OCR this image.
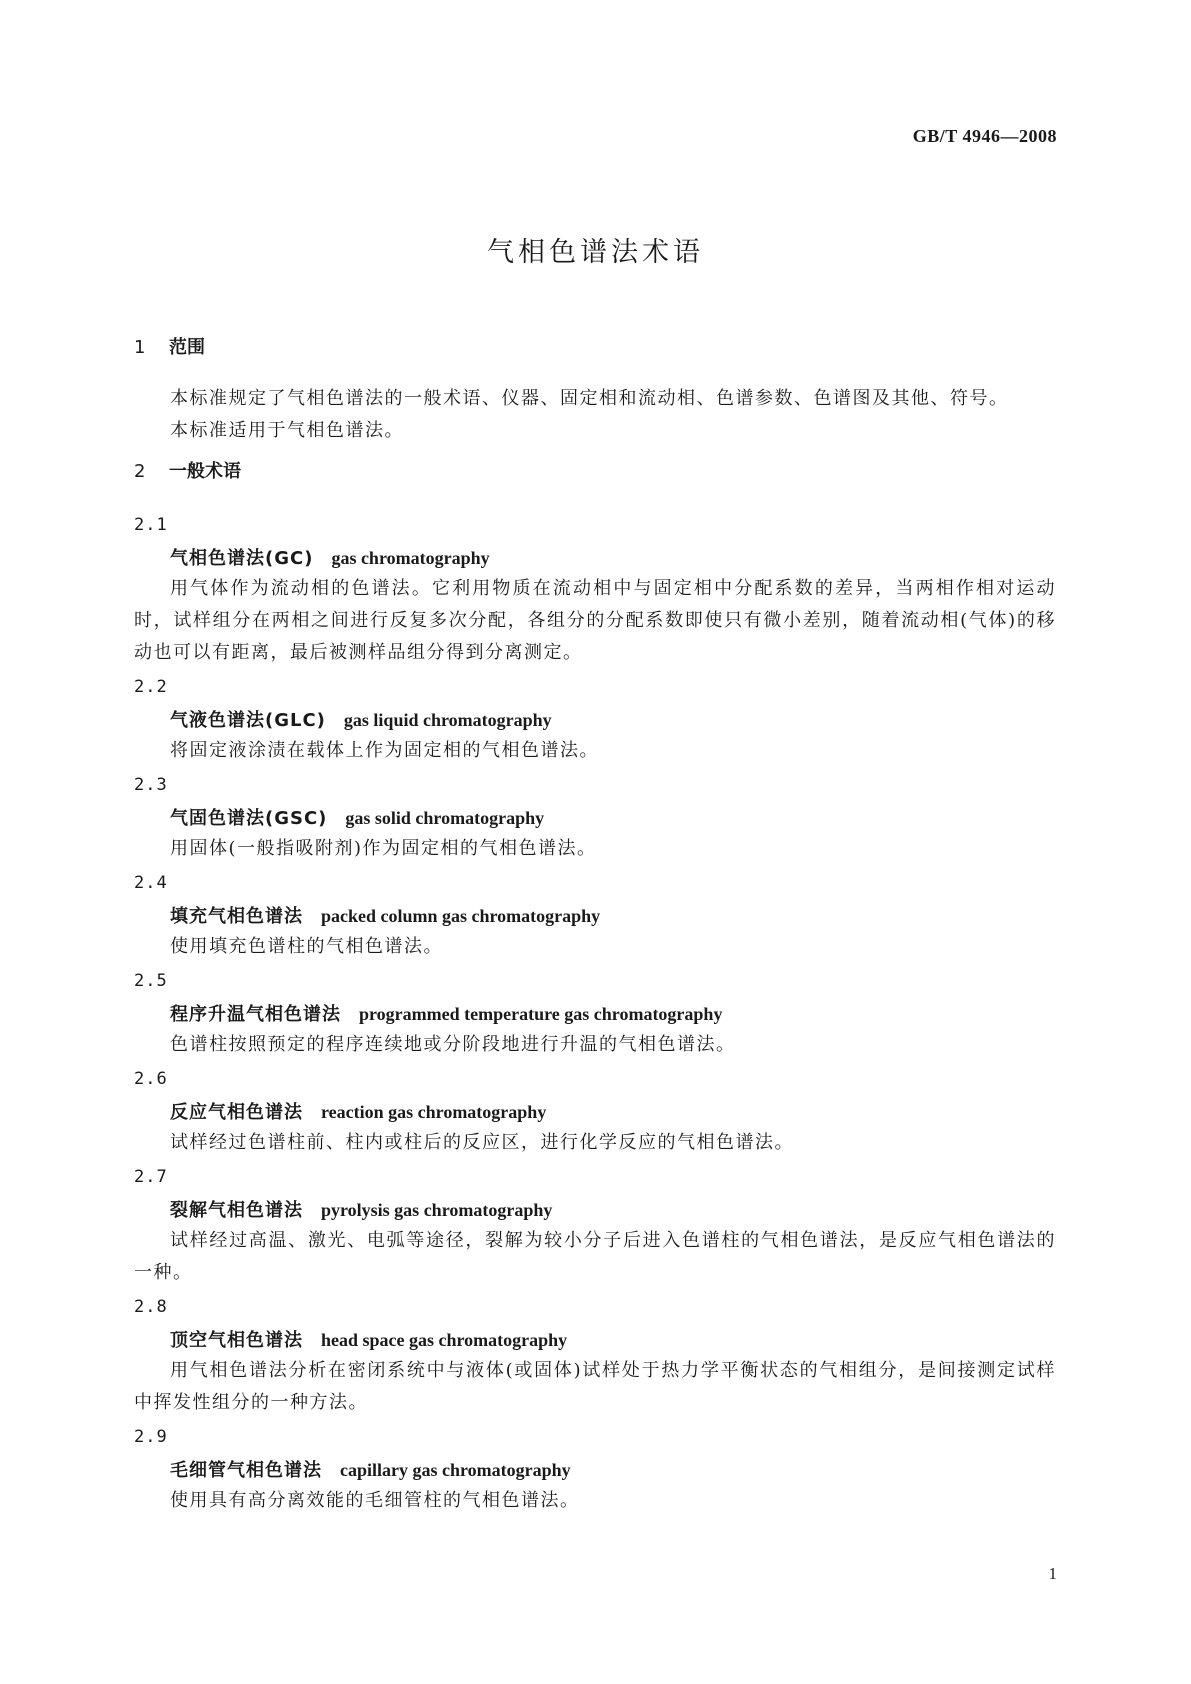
GB/T 4946—2008
气相色谱法术语
1 范围

本标准规定了气相色谱法的一般术语、仪器、固定相和流动相、色谱参数、色谱图及其他、符号。

本标准适用于气相色谱法。

2 一般术语
2.1
气相色谱法(GC) gas chromatography

用气体作为流动相的色谱法。它利用物质在流动相中与固定相中分配系数的差异，当两相作相对运动时，试样组分在两相之间进行反复多次分配，各组分的分配系数即使只有微小差别，随着流动相(气体)的移动也可以有距离，最后被测样品组分得到分离测定。

2.2
气液色谱法(GLC) gas liquid chromatography

将固定液涂渍在载体上作为固定相的气相色谱法。

2.3
气固色谱法(GSC) gas solid chromatography

用固体(一般指吸附剂)作为固定相的气相色谱法。

2.4
填充气相色谱法 packed column gas chromatography

使用填充色谱柱的气相色谱法。

2.5
程序升温气相色谱法 programmed temperature gas chromatography

色谱柱按照预定的程序连续地或分阶段地进行升温的气相色谱法。

2.6
反应气相色谱法 reaction gas chromatography

试样经过色谱柱前、柱内或柱后的反应区，进行化学反应的气相色谱法。

2.7
裂解气相色谱法 pyrolysis gas chromatography

试样经过高温、激光、电弧等途径，裂解为较小分子后进入色谱柱的气相色谱法，是反应气相色谱法的一种。

2.8
顶空气相色谱法 head space gas chromatography

用气相色谱法分析在密闭系统中与液体(或固体)试样处于热力学平衡状态的气相组分，是间接测定试样中挥发性组分的一种方法。

2.9
毛细管气相色谱法 capillary gas chromatography

使用具有高分离效能的毛细管柱的气相色谱法。

1
